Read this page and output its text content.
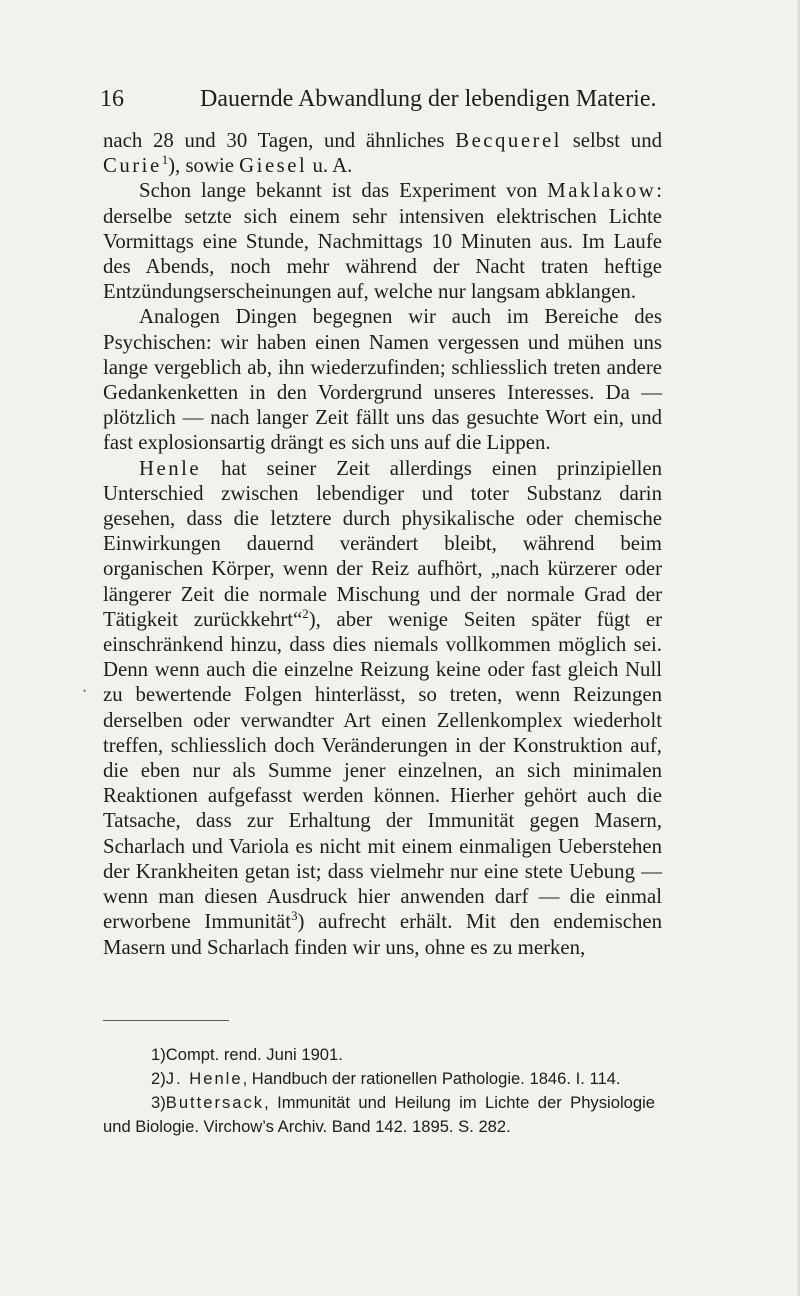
16	Dauernde Abwandlung der lebendigen Materie.

nach 28 und 30 Tagen, und ähnliches Becquerel selbst und Curie$^1$), sowie Giesel u. A.

Schon lange bekannt ist das Experiment von Maklakow: derselbe setzte sich einem sehr intensiven elektrischen Lichte Vormittags eine Stunde, Nachmittags 10 Minuten aus. Im Laufe des Abends, noch mehr während der Nacht traten heftige Entzündungserscheinungen auf, welche nur langsam abklangen.

Analogen Dingen begegnen wir auch im Bereiche des Psychischen: wir haben einen Namen vergessen und mühen uns lange vergeblich ab, ihn wiederzufinden; schliesslich treten andere Gedankenketten in den Vordergrund unseres Interesses. Da — plötzlich — nach langer Zeit fällt uns das gesuchte Wort ein, und fast explosionsartig drängt es sich uns auf die Lippen.

Henle hat seiner Zeit allerdings einen prinzipiellen Unterschied zwischen lebendiger und toter Substanz darin gesehen, dass die letztere durch physikalische oder chemische Einwirkungen dauernd verändert bleibt, während beim organischen Körper, wenn der Reiz aufhört, „nach kürzerer oder längerer Zeit die normale Mischung und der normale Grad der Tätigkeit zurückkehrt“$^2$), aber wenige Seiten später fügt er einschränkend hinzu, dass dies niemals vollkommen möglich sei. Denn wenn auch die einzelne Reizung keine oder fast gleich Null zu bewertende Folgen hinterlässt, so treten, wenn Reizungen derselben oder verwandter Art einen Zellenkomplex wiederholt treffen, schliesslich doch Veränderungen in der Konstruktion auf, die eben nur als Summe jener einzelnen, an sich minimalen Reaktionen aufgefasst werden können. Hierher gehört auch die Tatsache, dass zur Erhaltung der Immunität gegen Masern, Scharlach und Variola es nicht mit einem einmaligen Ueberstehen der Krankheiten getan ist; dass vielmehr nur eine stete Uebung — wenn man diesen Ausdruck hier anwenden darf — die einmal erworbene Immunität$^3$) aufrecht erhält. Mit den endemischen Masern und Scharlach finden wir uns, ohne es zu merken,

•

1)Compt. rend. Juni 1901.

2)J. Henle, Handbuch der rationellen Pathologie. 1846. I. 114.

3)Buttersack, Immunität und Heilung im Lichte der Physiologie und Biologie. Virchow’s Archiv. Band 142. 1895. S. 282.
